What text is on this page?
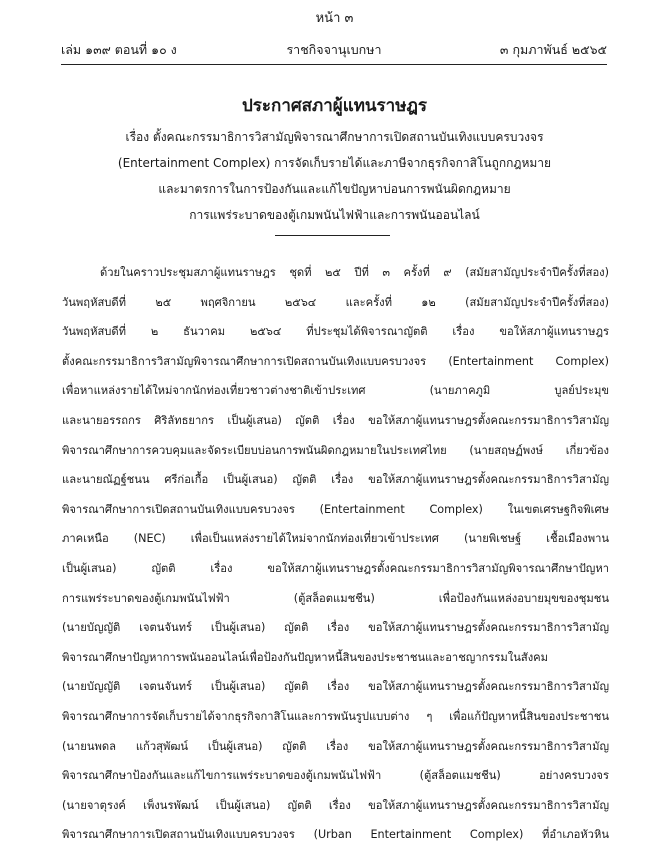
หน้า ๓
เล่ม ๑๓๙ ตอนที่ ๑๐ ง	ราชกิจจานุเบกษา	๓ กุมภาพันธ์ ๒๕๖๕
ประกาศสภาผู้แทนราษฎร
เรื่อง ตั้งคณะกรรมาธิการวิสามัญพิจารณาศึกษาการเปิดสถานบันเทิงแบบครบวงจร
(Entertainment Complex) การจัดเก็บรายได้และภาษีจากธุรกิจกาสิโนถูกกฎหมาย
และมาตรการในการป้องกันและแก้ไขปัญหาบ่อนการพนันผิดกฎหมาย
การแพร่ระบาดของตู้เกมพนันไฟฟ้าและการพนันออนไลน์
ด้วยในคราวประชุมสภาผู้แทนราษฎร ชุดที่ ๒๕ ปีที่ ๓ ครั้งที่ ๙ (สมัยสามัญประจำปีครั้งที่สอง)
วันพฤหัสบดีที่ ๒๕ พฤศจิกายน ๒๕๖๔ และครั้งที่ ๑๒ (สมัยสามัญประจำปีครั้งที่สอง)
วันพฤหัสบดีที่ ๒ ธันวาคม ๒๕๖๔ ที่ประชุมได้พิจารณาญัตติ เรื่อง ขอให้สภาผู้แทนราษฎร
ตั้งคณะกรรมาธิการวิสามัญพิจารณาศึกษาการเปิดสถานบันเทิงแบบครบวงจร (Entertainment Complex)
เพื่อหาแหล่งรายได้ใหม่จากนักท่องเที่ยวชาวต่างชาติเข้าประเทศ (นายภาคภูมิ บูลย์ประมุข
และนายอรรถกร ศิริลัทธยากร เป็นผู้เสนอ) ญัตติ เรื่อง ขอให้สภาผู้แทนราษฎรตั้งคณะกรรมาธิการวิสามัญ
พิจารณาศึกษาการควบคุมและจัดระเบียบบ่อนการพนันผิดกฎหมายในประเทศไทย (นายสฤษฏ์พงษ์ เกี่ยวข้อง
และนายณัฏฐ์ชนน ศรีก่อเกื้อ เป็นผู้เสนอ) ญัตติ เรื่อง ขอให้สภาผู้แทนราษฎรตั้งคณะกรรมาธิการวิสามัญ
พิจารณาศึกษาการเปิดสถานบันเทิงแบบครบวงจร (Entertainment Complex) ในเขตเศรษฐกิจพิเศษ
ภาคเหนือ (NEC) เพื่อเป็นแหล่งรายได้ใหม่จากนักท่องเที่ยวเข้าประเทศ (นายพิเชษฐ์ เชื้อเมืองพาน
เป็นผู้เสนอ) ญัตติ เรื่อง ขอให้สภาผู้แทนราษฎรตั้งคณะกรรมาธิการวิสามัญพิจารณาศึกษาปัญหา
การแพร่ระบาดของตู้เกมพนันไฟฟ้า (ตู้สล็อตแมชชีน) เพื่อป้องกันแหล่งอบายมุขของชุมชน
(นายบัญญัติ เจตนจันทร์ เป็นผู้เสนอ) ญัตติ เรื่อง ขอให้สภาผู้แทนราษฎรตั้งคณะกรรมาธิการวิสามัญ
พิจารณาศึกษาปัญหาการพนันออนไลน์เพื่อป้องกันปัญหาหนี้สินของประชาชนและอาชญากรรมในสังคม
(นายบัญญัติ เจตนจันทร์ เป็นผู้เสนอ) ญัตติ เรื่อง ขอให้สภาผู้แทนราษฎรตั้งคณะกรรมาธิการวิสามัญ
พิจารณาศึกษาการจัดเก็บรายได้จากธุรกิจกาสิโนและการพนันรูปแบบต่าง ๆ เพื่อแก้ปัญหาหนี้สินของประชาชน
(นายนพดล แก้วสุพัฒน์ เป็นผู้เสนอ) ญัตติ เรื่อง ขอให้สภาผู้แทนราษฎรตั้งคณะกรรมาธิการวิสามัญ
พิจารณาศึกษาป้องกันและแก้ไขการแพร่ระบาดของตู้เกมพนันไฟฟ้า (ตู้สล็อตแมชชีน) อย่างครบวงจร
(นายจาตุรงค์ เพ็งนรพัฒน์ เป็นผู้เสนอ) ญัตติ เรื่อง ขอให้สภาผู้แทนราษฎรตั้งคณะกรรมาธิการวิสามัญ
พิจารณาศึกษาการเปิดสถานบันเทิงแบบครบวงจร (Urban Entertainment Complex) ที่อำเภอหัวหิน
